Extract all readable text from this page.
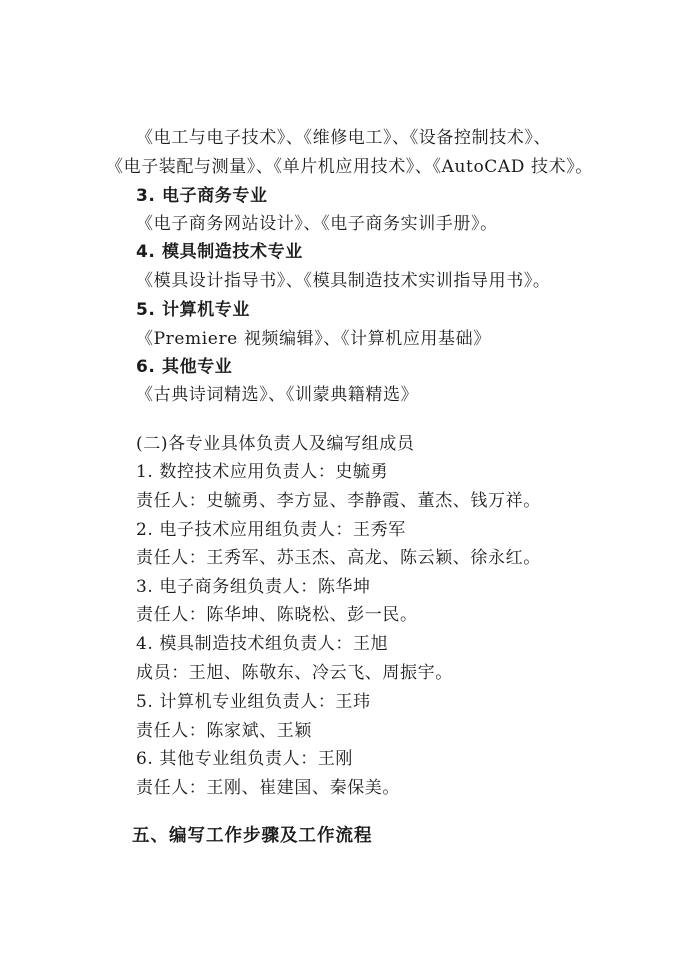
《电工与电子技术》、《维修电工》、《设备控制技术》、
《电子装配与测量》、《单片机应用技术》、《AutoCAD 技术》。
3. 电子商务专业
《电子商务网站设计》、《电子商务实训手册》。
4. 模具制造技术专业
《模具设计指导书》、《模具制造技术实训指导用书》。
5. 计算机专业
《Premiere 视频编辑》、《计算机应用基础》
6. 其他专业
《古典诗词精选》、《训蒙典籍精选》
(二)各专业具体负责人及编写组成员
1. 数控技术应用负责人：史毓勇
责任人：史毓勇、李方显、李静霞、董杰、钱万祥。
2. 电子技术应用组负责人：王秀军
责任人：王秀军、苏玉杰、高龙、陈云颖、徐永红。
3. 电子商务组负责人：陈华坤
责任人：陈华坤、陈晓松、彭一民。
4. 模具制造技术组负责人：王旭
成员：王旭、陈敬东、冷云飞、周振宇。
5. 计算机专业组负责人：王玮
责任人：陈家斌、王颖
6. 其他专业组负责人：王刚
责任人：王刚、崔建国、秦保美。
五、编写工作步骤及工作流程
